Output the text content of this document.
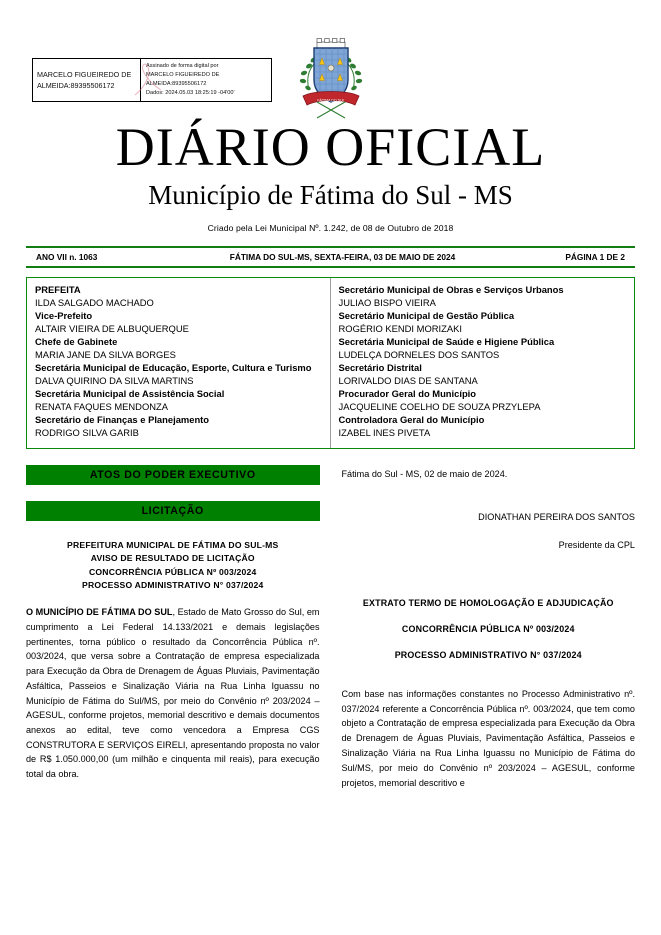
MARCELO FIGUEIREDO DE
ALMEIDA:89395506172
Assinado de forma digital por
MARCELO FIGUEIREDO DE
ALMEIDA:89395506172
Dados: 2024.05.03 18:25:19 -04'00'
FÁTIMA DO SUL
DIÁRIO OFICIAL
Município de Fátima do Sul - MS
Criado pela Lei Municipal Nº. 1.242, de 08 de Outubro de 2018
ANO VII n. 1063	FÁTIMA DO SUL-MS, SEXTA-FEIRA, 03 DE MAIO DE 2024	PÁGINA 1 DE 2
PREFEITA
ILDA SALGADO MACHADO
Vice-Prefeito
ALTAIR VIEIRA DE ALBUQUERQUE
Chefe de Gabinete
MARIA JANE DA SILVA BORGES
Secretária Municipal de Educação, Esporte, Cultura e Turismo
DALVA QUIRINO DA SILVA MARTINS
Secretária Municipal de Assistência Social
RENATA FAQUES MENDONZA
Secretário de Finanças e Planejamento
RODRIGO SILVA GARIB
Secretário Municipal de Obras e Serviços Urbanos
JULIAO BISPO VIEIRA
Secretário Municipal de Gestão Pública
ROGÉRIO KENDI MORIZAKI
Secretária Municipal de Saúde e Higiene Pública
LUDELÇA DORNELES DOS SANTOS
Secretário Distrital
LORIVALDO DIAS DE SANTANA
Procurador Geral do Município
JACQUELINE COELHO DE SOUZA PRZYLEPA
Controladora Geral do Município
IZABEL INES PIVETA
ATOS DO PODER EXECUTIVO
LICITAÇÃO
PREFEITURA MUNICIPAL DE FÁTIMA DO SUL-MS
AVISO DE RESULTADO DE LICITAÇÃO
CONCORRÊNCIA PÚBLICA Nº 003/2024
PROCESSO ADMINISTRATIVO N° 037/2024
O MUNICÍPIO DE FÁTIMA DO SUL, Estado de Mato Grosso do Sul, em cumprimento a Lei Federal 14.133/2021 e demais legislações pertinentes, torna público o resultado da Concorrência Pública nº. 003/2024, que versa sobre a Contratação de empresa especializada para Execução da Obra de Drenagem de Águas Pluviais, Pavimentação Asfáltica, Passeios e Sinalização Viária na Rua Linha Iguassu no Município de Fátima do Sul/MS, por meio do Convênio nº 203/2024 – AGESUL, conforme projetos, memorial descritivo e demais documentos anexos ao edital, teve como vencedora a Empresa CGS CONSTRUTORA E SERVIÇOS EIRELI, apresentando proposta no valor de R$ 1.050.000,00 (um milhão e cinquenta mil reais), para execução total da obra.
Fátima do Sul - MS, 02 de maio de 2024.
DIONATHAN PEREIRA DOS SANTOS
Presidente da CPL
EXTRATO TERMO DE HOMOLOGAÇÃO E ADJUDICAÇÃO
CONCORRÊNCIA PÚBLICA Nº 003/2024
PROCESSO ADMINISTRATIVO N° 037/2024
Com base nas informações constantes no Processo Administrativo nº. 037/2024 referente a Concorrência Pública nº. 003/2024, que tem como objeto a Contratação de empresa especializada para Execução da Obra de Drenagem de Águas Pluviais, Pavimentação Asfáltica, Passeios e Sinalização Viária na Rua Linha Iguassu no Município de Fátima do Sul/MS, por meio do Convênio nº 203/2024 – AGESUL, conforme projetos, memorial descritivo e
